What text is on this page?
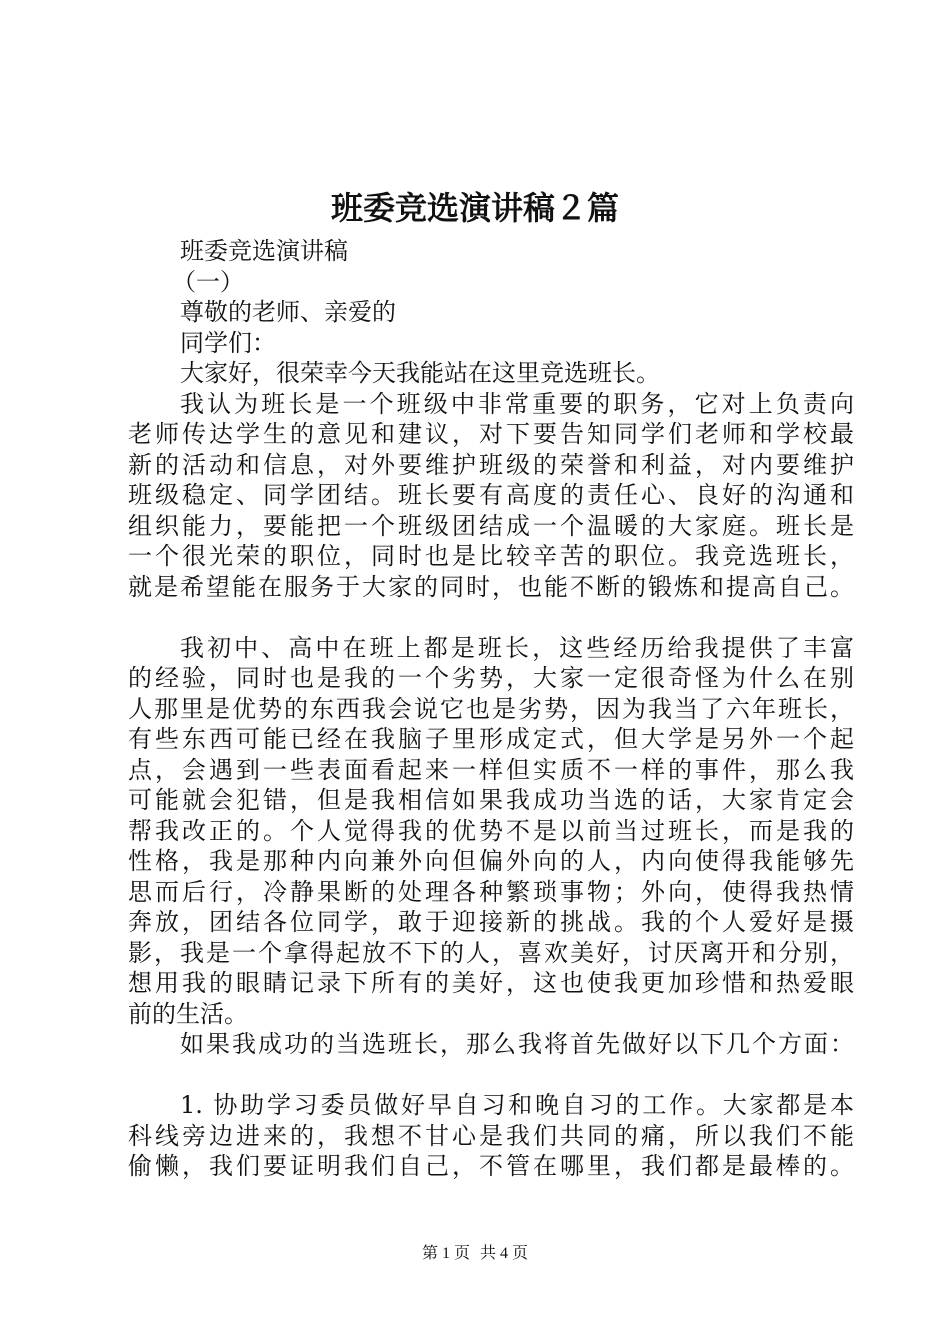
班委竞选演讲稿２篇
班委竞选演讲稿
（一）
尊敬的老师、亲爱的
同学们：
大家好，很荣幸今天我能站在这里竞选班长。
我认为班长是一个班级中非常重要的职务，它对上负责向
老师传达学生的意见和建议，对下要告知同学们老师和学校最
新的活动和信息，对外要维护班级的荣誉和利益，对内要维护
班级稳定、同学团结。班长要有高度的责任心、良好的沟通和
组织能力，要能把一个班级团结成一个温暖的大家庭。班长是
一个很光荣的职位，同时也是比较辛苦的职位。我竞选班长，
就是希望能在服务于大家的同时，也能不断的锻炼和提高自己。
我初中、高中在班上都是班长，这些经历给我提供了丰富
的经验，同时也是我的一个劣势，大家一定很奇怪为什么在别
人那里是优势的东西我会说它也是劣势，因为我当了六年班长，
有些东西可能已经在我脑子里形成定式，但大学是另外一个起
点，会遇到一些表面看起来一样但实质不一样的事件，那么我
可能就会犯错，但是我相信如果我成功当选的话，大家肯定会
帮我改正的。个人觉得我的优势不是以前当过班长，而是我的
性格，我是那种内向兼外向但偏外向的人，内向使得我能够先
思而后行，冷静果断的处理各种繁琐事物；外向，使得我热情
奔放，团结各位同学，敢于迎接新的挑战。我的个人爱好是摄
影，我是一个拿得起放不下的人，喜欢美好，讨厌离开和分别，
想用我的眼睛记录下所有的美好，这也使我更加珍惜和热爱眼
前的生活。
如果我成功的当选班长，那么我将首先做好以下几个方面：
1. 协助学习委员做好早自习和晚自习的工作。大家都是本
科线旁边进来的，我想不甘心是我们共同的痛，所以我们不能
偷懒，我们要证明我们自己，不管在哪里，我们都是最棒的。
第 1 页 共 4 页
